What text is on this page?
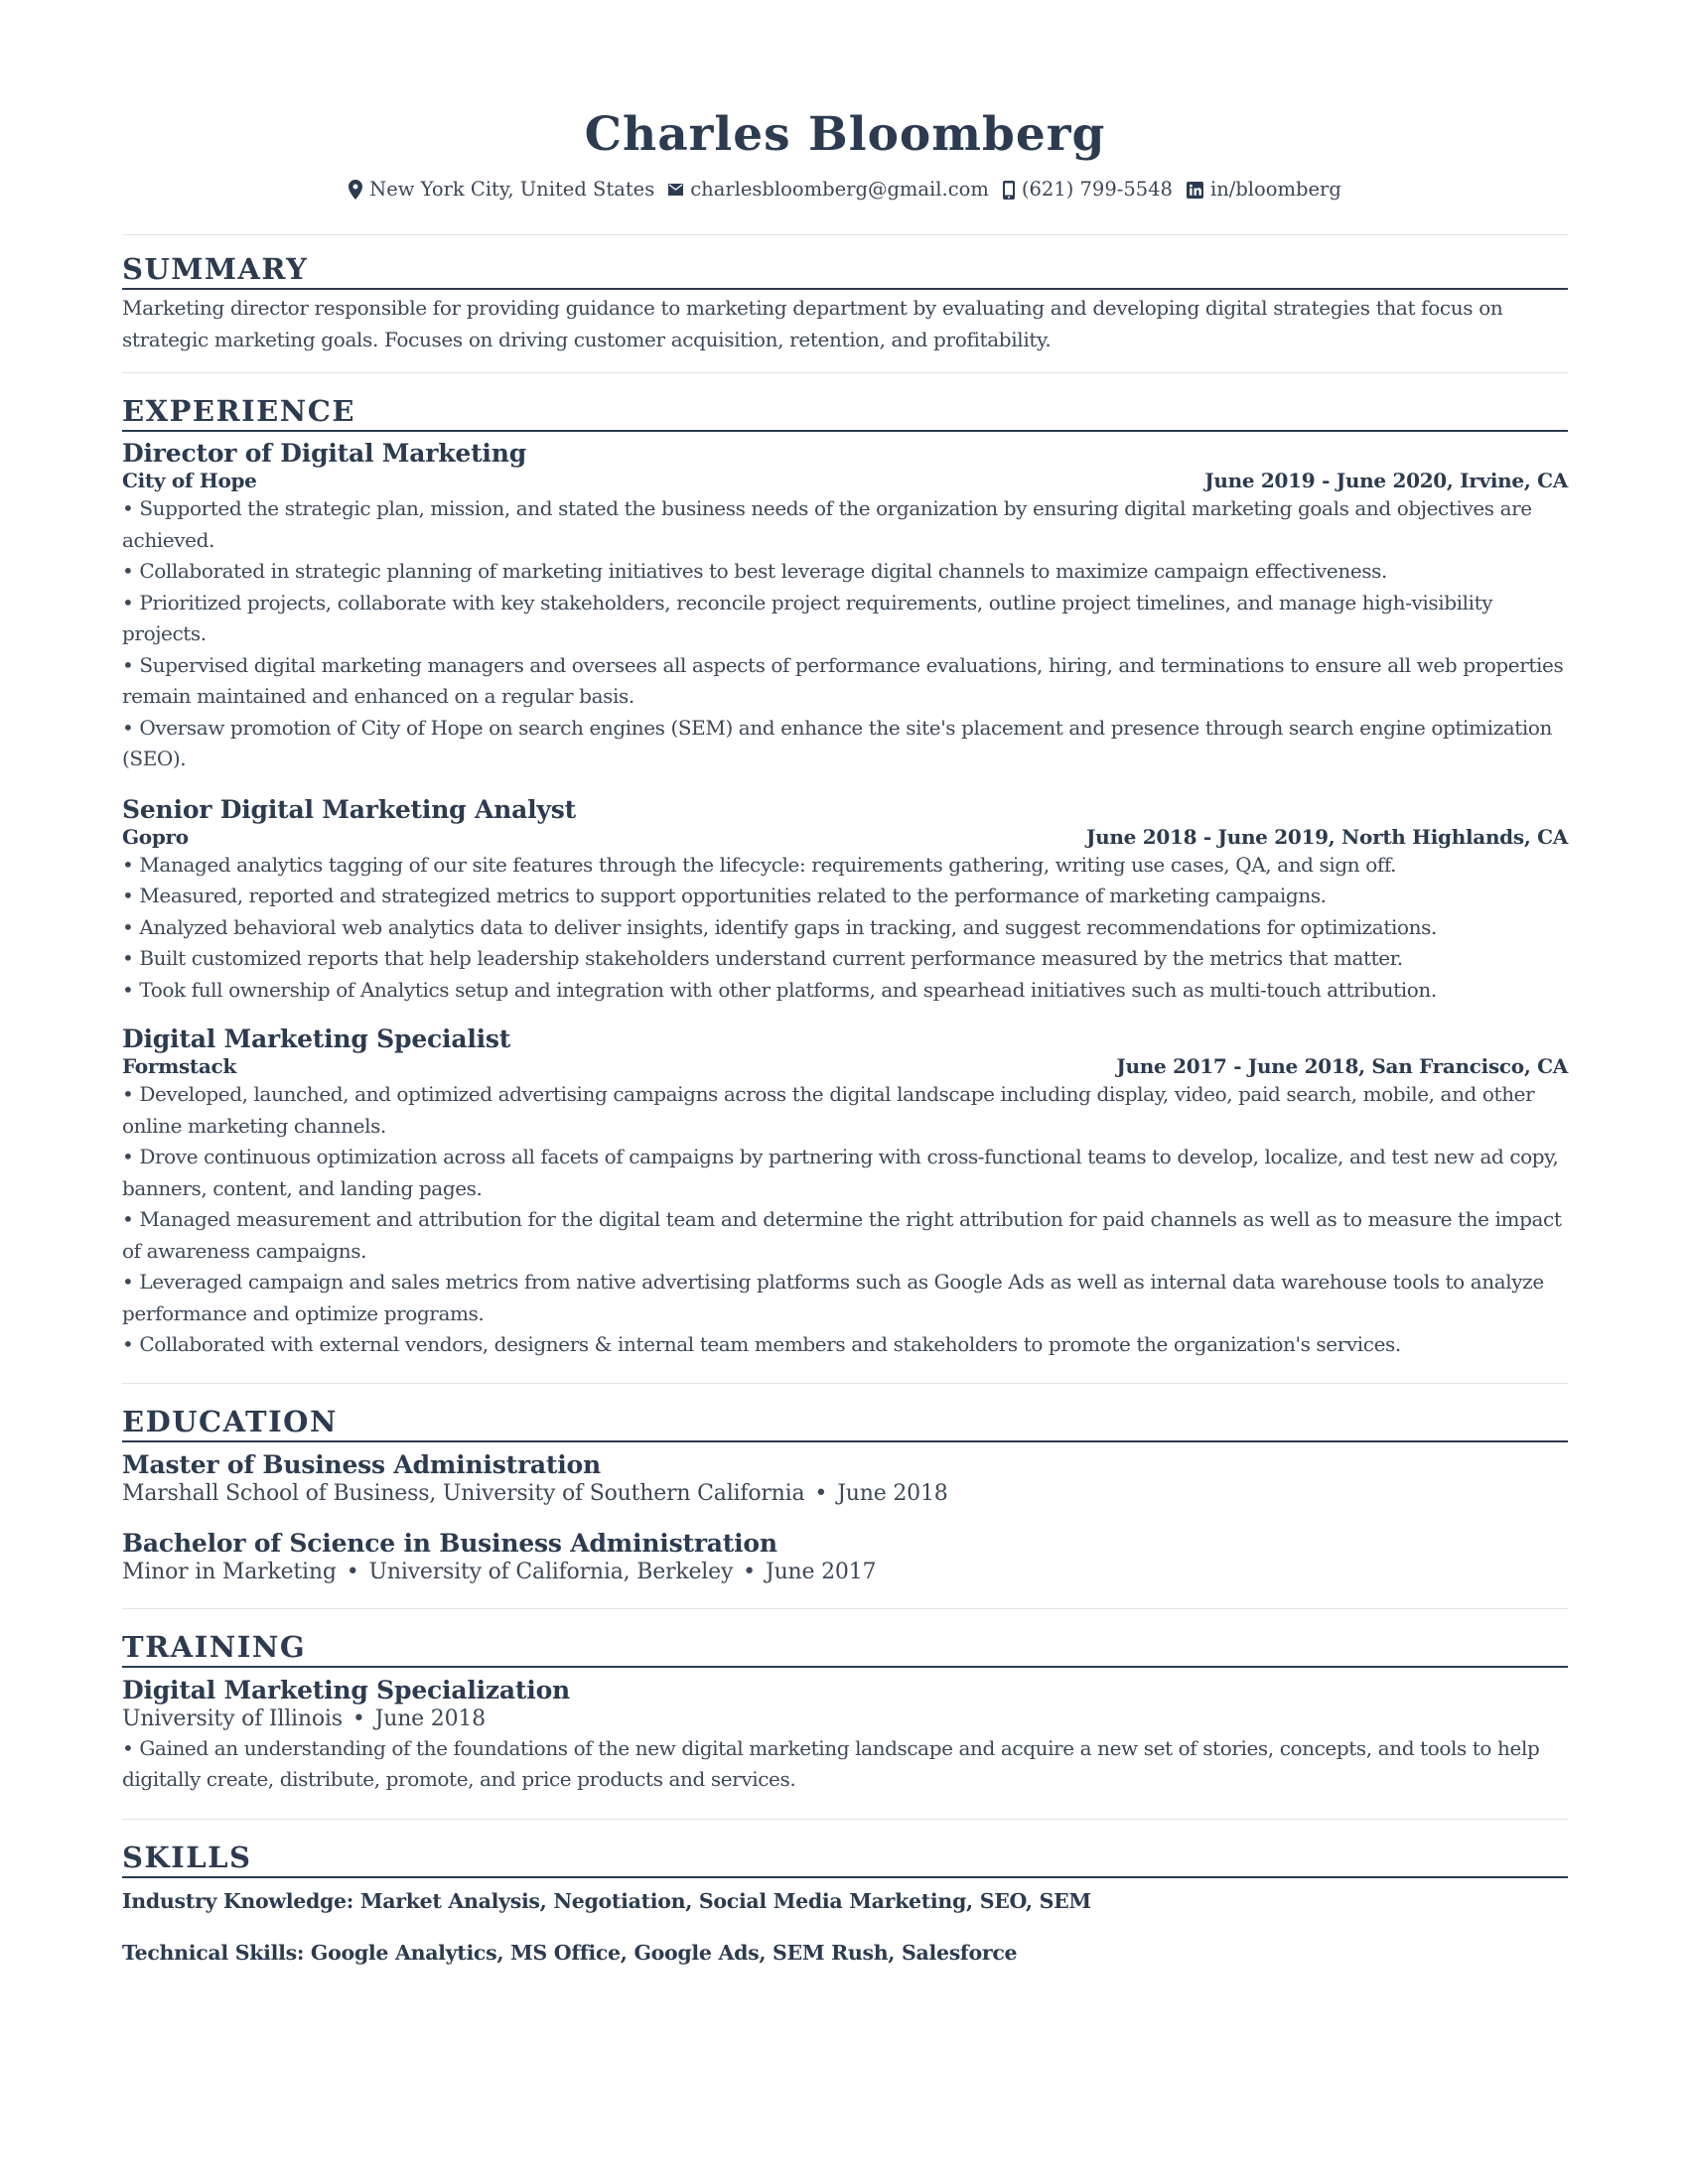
Charles Bloomberg
New York City, United States charlesbloomberg@gmail.com (621) 799-5548 in/bloomberg
SUMMARY
Marketing director responsible for providing guidance to marketing department by evaluating and developing digital strategies that focus on strategic marketing goals. Focuses on driving customer acquisition, retention, and profitability.
EXPERIENCE
Director of Digital Marketing
City of Hope	June 2019 - June 2020, Irvine, CA
• Supported the strategic plan, mission, and stated the business needs of the organization by ensuring digital marketing goals and objectives are achieved.
• Collaborated in strategic planning of marketing initiatives to best leverage digital channels to maximize campaign effectiveness.
• Prioritized projects, collaborate with key stakeholders, reconcile project requirements, outline project timelines, and manage high-visibility projects.
• Supervised digital marketing managers and oversees all aspects of performance evaluations, hiring, and terminations to ensure all web properties remain maintained and enhanced on a regular basis.
• Oversaw promotion of City of Hope on search engines (SEM) and enhance the site's placement and presence through search engine optimization (SEO).
Senior Digital Marketing Analyst
Gopro	June 2018 - June 2019, North Highlands, CA
• Managed analytics tagging of our site features through the lifecycle: requirements gathering, writing use cases, QA, and sign off.
• Measured, reported and strategized metrics to support opportunities related to the performance of marketing campaigns.
• Analyzed behavioral web analytics data to deliver insights, identify gaps in tracking, and suggest recommendations for optimizations.
• Built customized reports that help leadership stakeholders understand current performance measured by the metrics that matter.
• Took full ownership of Analytics setup and integration with other platforms, and spearhead initiatives such as multi-touch attribution.
Digital Marketing Specialist
Formstack	June 2017 - June 2018, San Francisco, CA
• Developed, launched, and optimized advertising campaigns across the digital landscape including display, video, paid search, mobile, and other online marketing channels.
• Drove continuous optimization across all facets of campaigns by partnering with cross-functional teams to develop, localize, and test new ad copy, banners, content, and landing pages.
• Managed measurement and attribution for the digital team and determine the right attribution for paid channels as well as to measure the impact of awareness campaigns.
• Leveraged campaign and sales metrics from native advertising platforms such as Google Ads as well as internal data warehouse tools to analyze performance and optimize programs.
• Collaborated with external vendors, designers & internal team members and stakeholders to promote the organization's services.
EDUCATION
Master of Business Administration
Marshall School of Business, University of Southern California • June 2018
Bachelor of Science in Business Administration
Minor in Marketing • University of California, Berkeley • June 2017
TRAINING
Digital Marketing Specialization
University of Illinois • June 2018
• Gained an understanding of the foundations of the new digital marketing landscape and acquire a new set of stories, concepts, and tools to help digitally create, distribute, promote, and price products and services.
SKILLS
Industry Knowledge: Market Analysis, Negotiation, Social Media Marketing, SEO, SEM
Technical Skills: Google Analytics, MS Office, Google Ads, SEM Rush, Salesforce
